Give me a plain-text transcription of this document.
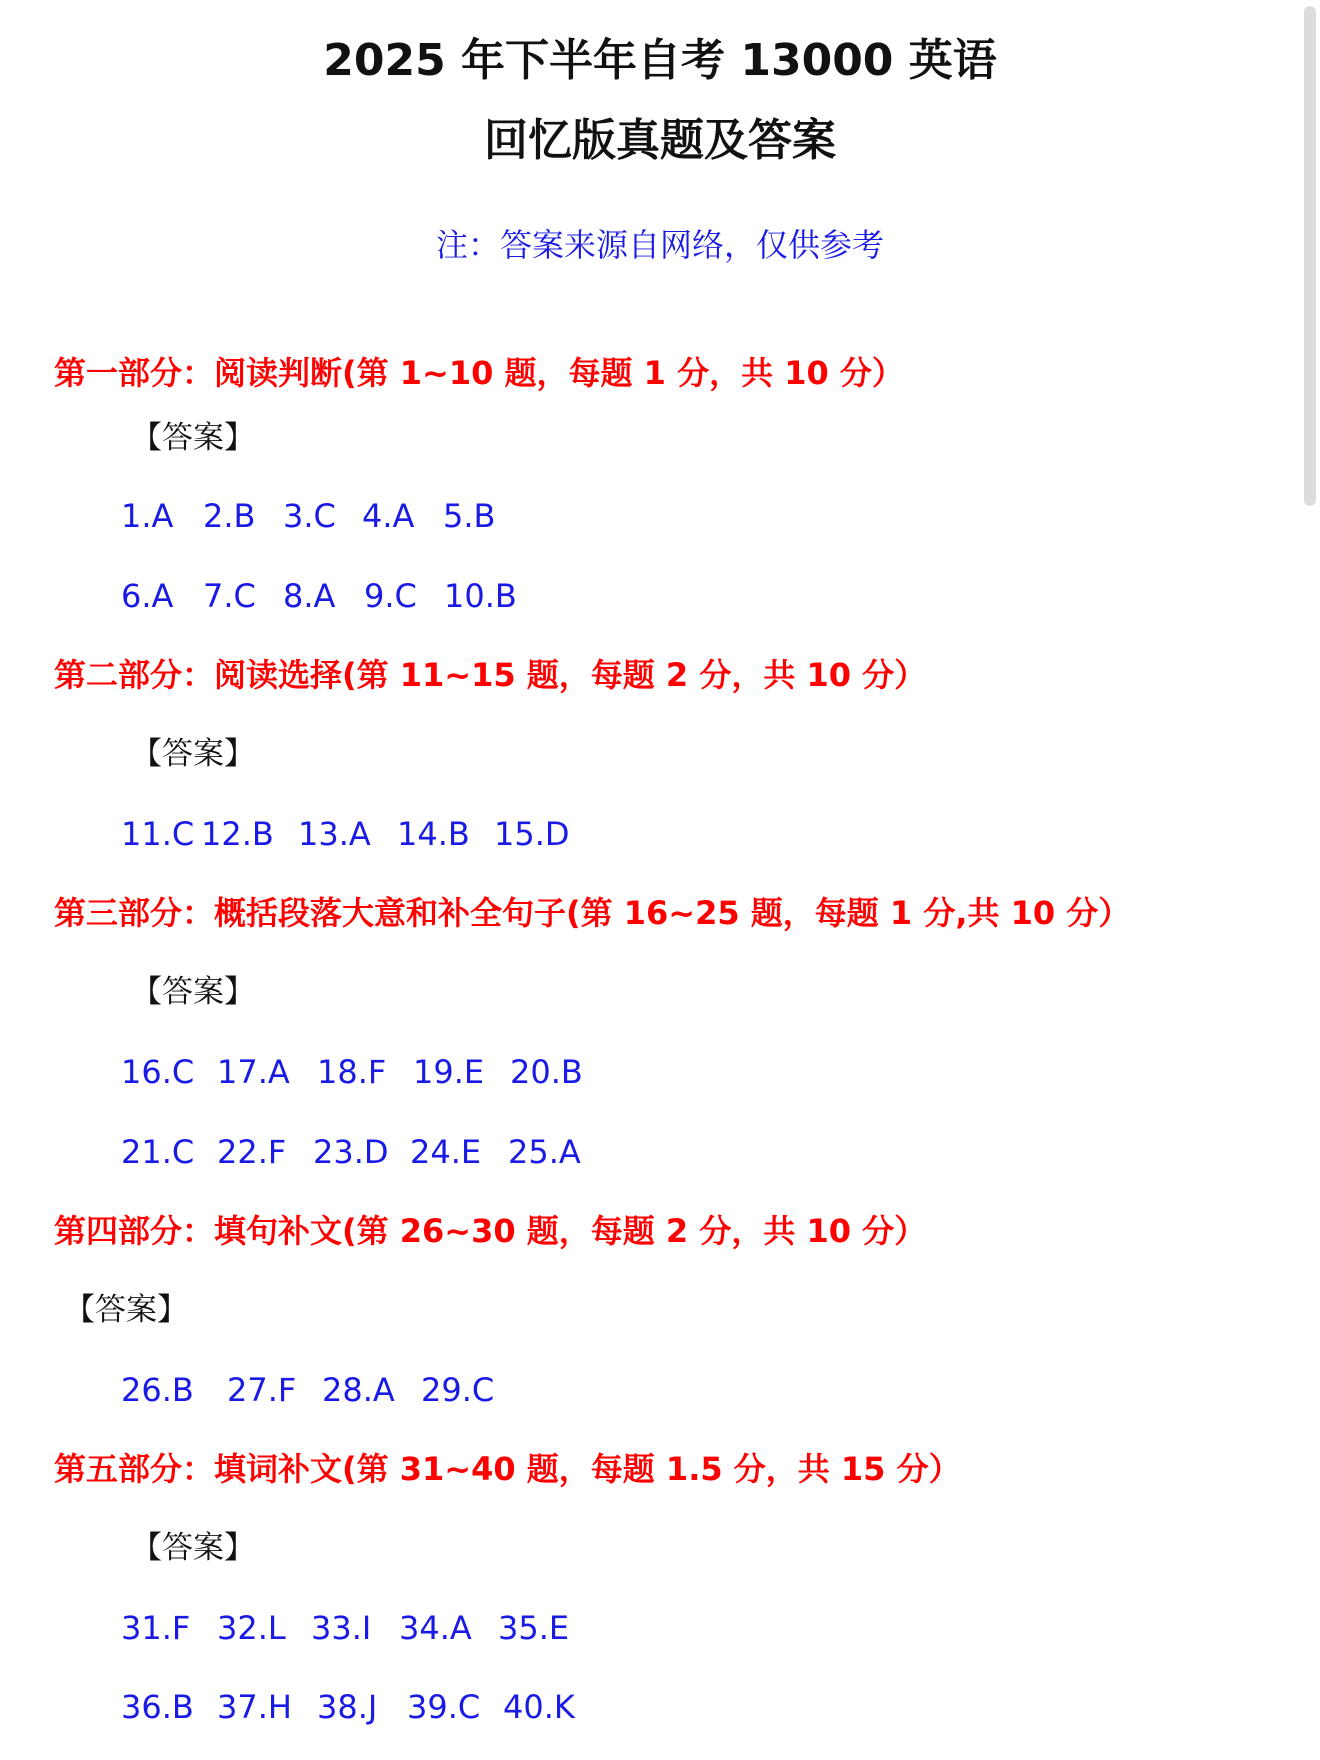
2025 年下半年自考 13000 英语
回忆版真题及答案
注：答案来源自网络，仅供参考
第一部分：阅读判断(第 1~10 题，每题 1 分，共 10 分）
【答案】
1.A 2.B 3.C 4.A 5.B
6.A 7.C 8.A 9.C 10.B
第二部分：阅读选择(第 11~15 题，每题 2 分，共 10 分）
【答案】
11.C 12.B 13.A 14.B 15.D
第三部分：概括段落大意和补全句子(第 16~25 题，每题 1 分,共 10 分）
【答案】
16.C 17.A 18.F 19.E 20.B
21.C 22.F 23.D 24.E 25.A
第四部分：填句补文(第 26~30 题，每题 2 分，共 10 分）
【答案】
26.B 27.F 28.A 29.C
第五部分：填词补文(第 31~40 题，每题 1.5 分，共 15 分）
【答案】
31.F 32.L 33.I 34.A 35.E
36.B 37.H 38.J 39.C 40.K
